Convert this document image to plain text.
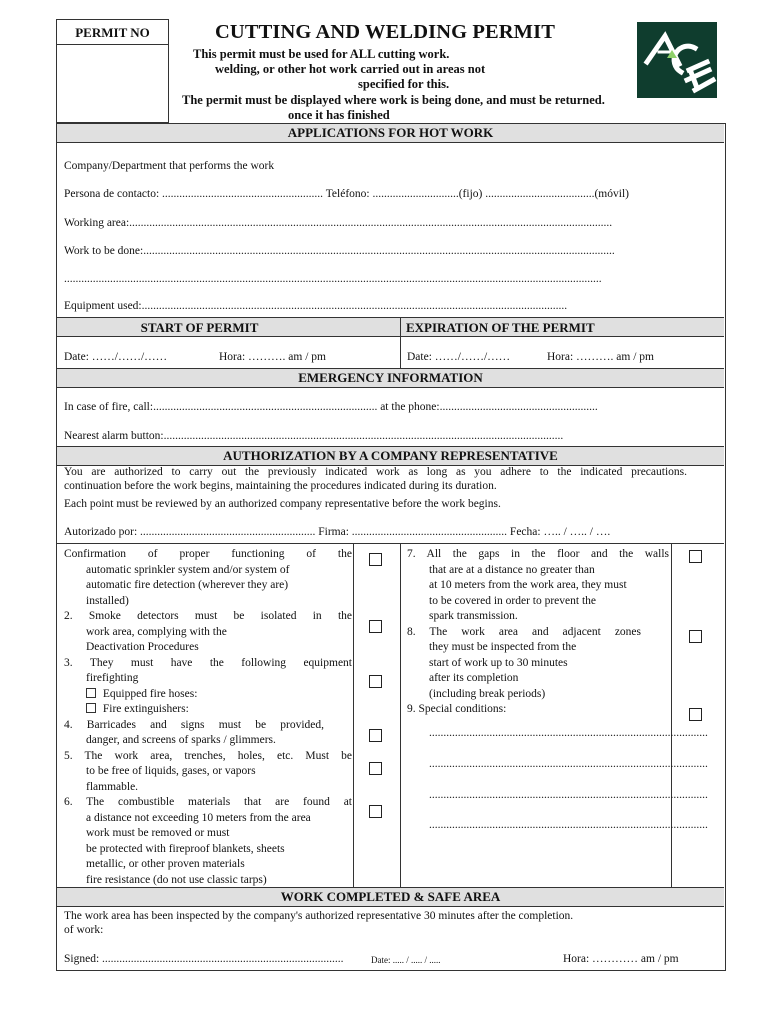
PERMIT NO	CUTTING AND WELDING PERMIT
This permit must be used for ALL cutting work.
welding, or other hot work carried out in areas not
specified for this.
The permit must be displayed where work is being done, and must be returned.
once it has finished
APPLICATIONS FOR HOT WORK
Company/Department that performs the work
Persona de contacto: ........................................................ Teléfono: ..............................(fijo) ......................................(móvil)
Working area:........................................................................................................................................................................
Work to be done:....................................................................................................................................................................
...........................................................................................................................................................................................
Equipment used:....................................................................................................................................................
START OF PERMIT	EXPIRATION OF THE PERMIT
Date: ……/……/……	Hora: ………. am / pm	Date: ……/……/……	Hora: ………. am / pm
EMERGENCY INFORMATION
In case of fire, call:.............................................................................. at the phone:.......................................................
Nearest alarm button:...........................................................................................................................................
AUTHORIZATION BY A COMPANY REPRESENTATIVE
You are authorized to carry out the previously indicated work as long as you adhere to the indicated precautions.
continuation before the work begins, maintaining the procedures indicated during its duration.
Each point must be reviewed by an authorized company representative before the work begins.
Autorizado por: ............................................................. Firma: ...................................................... Fecha: ….. / ….. / ….
Confirmation of proper functioning of the
automatic sprinkler system and/or system of
automatic fire detection (wherever they are)
installed)
2. Smoke detectors must be isolated in the
work area, complying with the
Deactivation Procedures
3. They must have the following equipment
firefighting
Equipped fire hoses:
Fire extinguishers:
4. Barricades and signs must be provided,
danger, and screens of sparks / glimmers.
5. The work area, trenches, holes, etc. Must be
to be free of liquids, gases, or vapors
flammable.
6. The combustible materials that are found at
a distance not exceeding 10 meters from the area
work must be removed or must
be protected with fireproof blankets, sheets
metallic, or other proven materials
fire resistance (do not use classic tarps)
7. All the gaps in the floor and the walls
that are at a distance no greater than
at 10 meters from the work area, they must
to be covered in order to prevent the
spark transmission.
8. The work area and adjacent zones
they must be inspected from the
start of work up to 30 minutes
after its completion
(including break periods)
9. Special conditions:
.................................................................................................
.................................................................................................
.................................................................................................
.................................................................................................
WORK COMPLETED & SAFE AREA
The work area has been inspected by the company's authorized representative 30 minutes after the completion.
of work:
Signed: ....................................................................................	Date: ..... / ..... / .....	Hora: ………… am / pm
